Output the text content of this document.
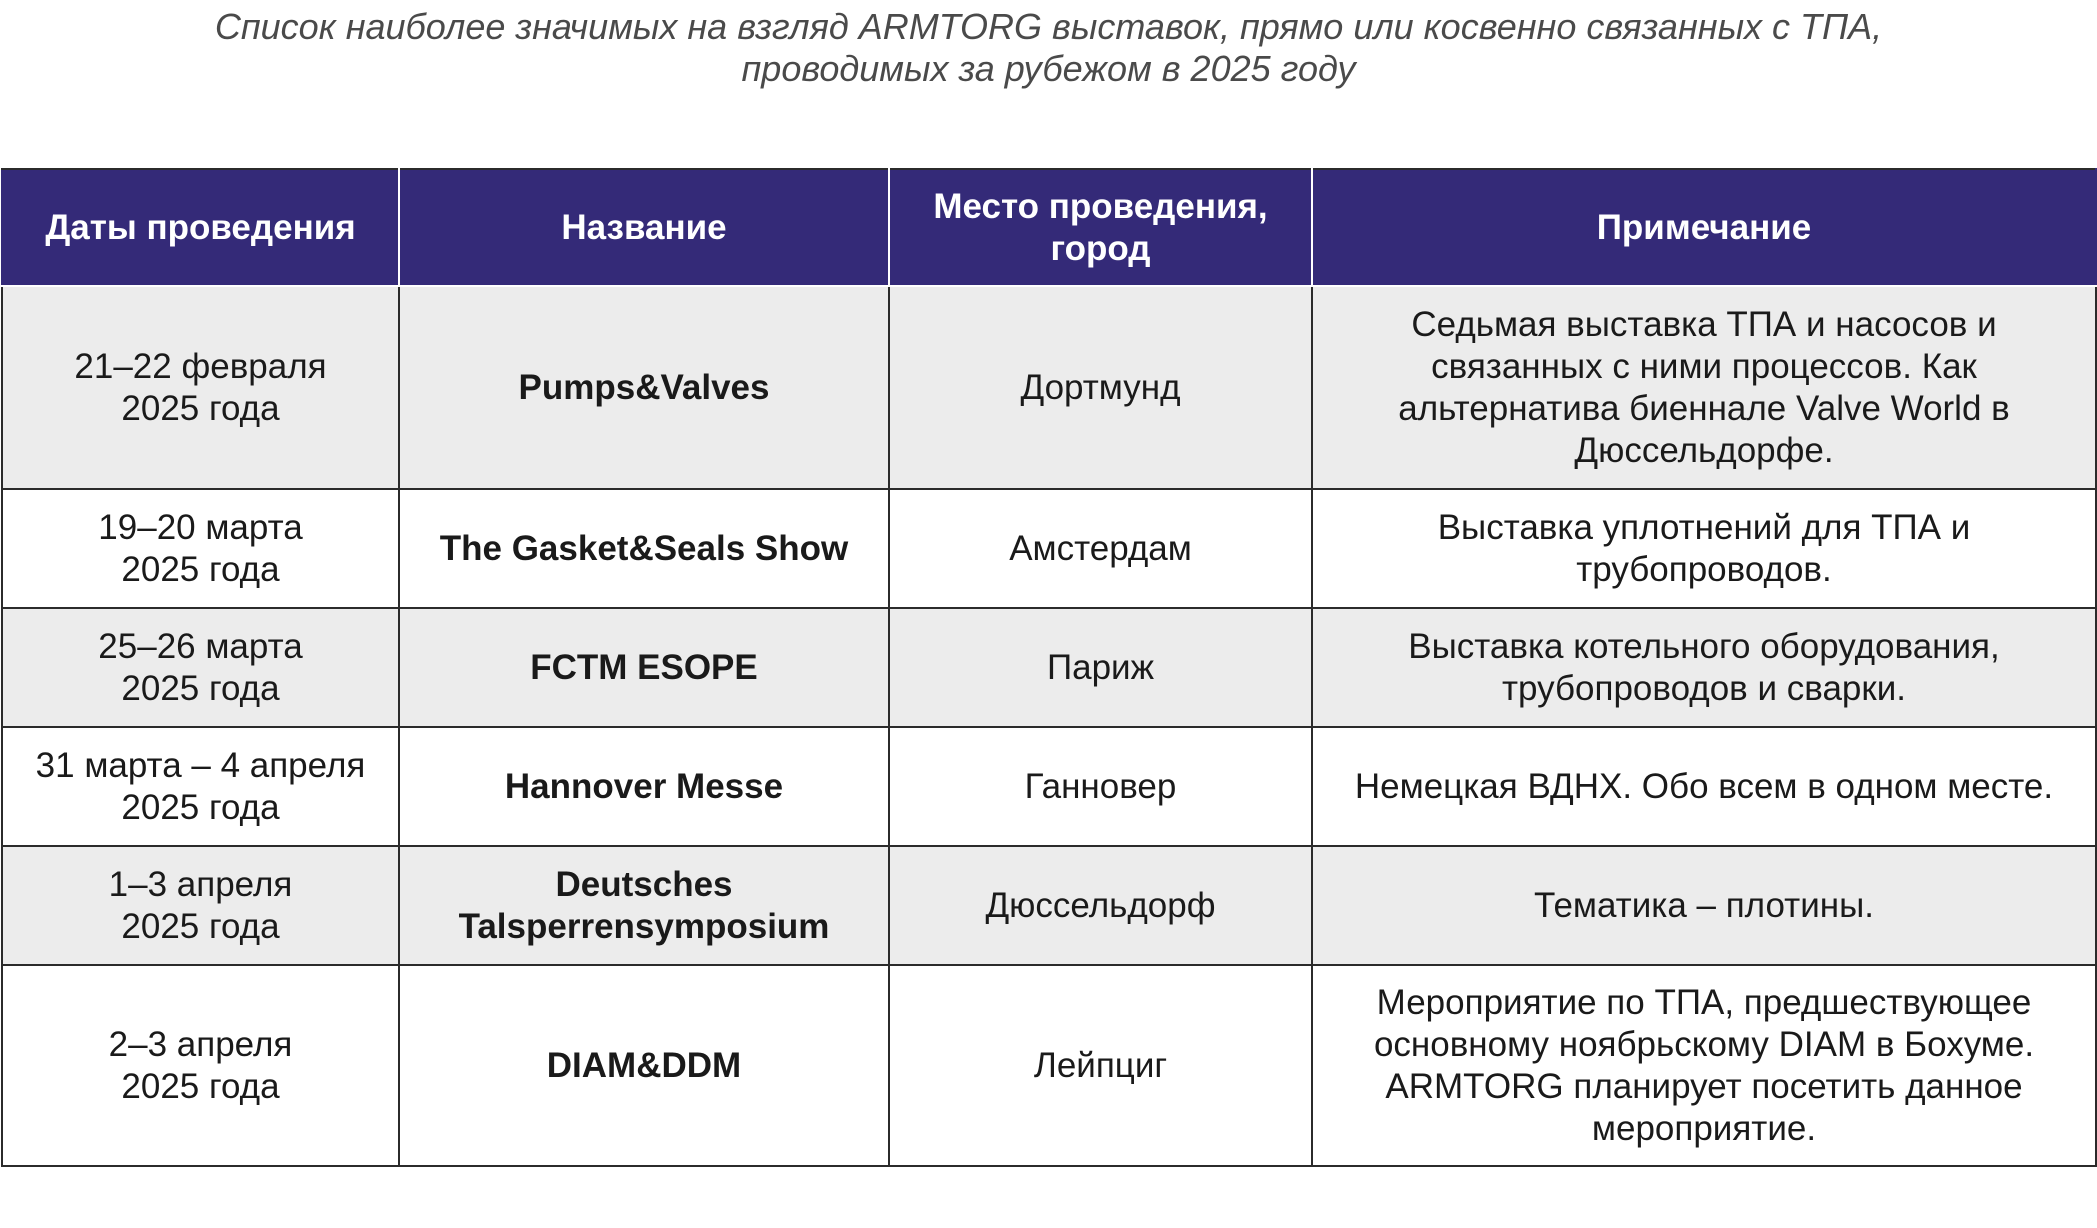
Список наиболее значимых на взгляд ARMTORG выставок, прямо или косвенно связанных с ТПА,
проводимых за рубежом в 2025 году
Даты проведения	Название	Место проведения,
город	Примечание

21–22 февраля
2025 года	Pumps&Valves	Дортмунд	Седьмая выставка ТПА и насосов и
связанных с ними процессов. Как
альтернатива биеннале Valve World в
Дюссельдорфе.

19–20 марта
2025 года	The Gasket&Seals Show	Амстердам	Выставка уплотнений для ТПА и
трубопроводов.

25–26 марта
2025 года	FCTM ESOPE	Париж	Выставка котельного оборудования,
трубопроводов и сварки.

31 марта – 4 апреля
2025 года	Hannover Messe	Ганновер	Немецкая ВДНХ. Обо всем в одном месте.

1–3 апреля
2025 года	Deutsches
Talsperrensymposium	Дюссельдорф	Тематика – плотины.

2–3 апреля
2025 года	DIAM&DDM	Лейпциг	Мероприятие по ТПА, предшествующее
основному ноябрьскому DIAM в Бохуме.
ARMTORG планирует посетить данное
мероприятие.
